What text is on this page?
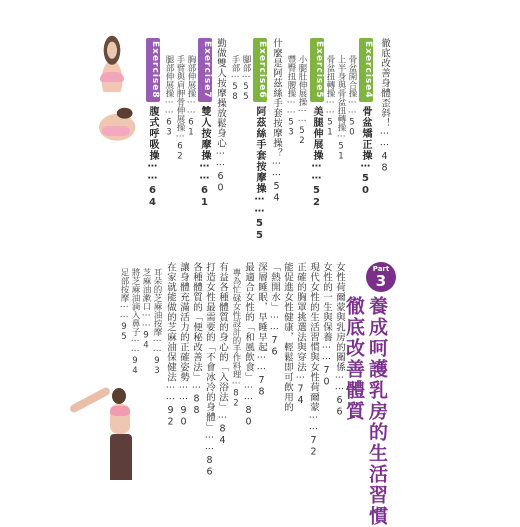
徹底改善身體歪斜！⋯⋯48
Exercise4
骨盆矯正操⋯50
骨盆開合操⋯⋯50
上半身與骨盆扭轉操⋯51
骨盆扭轉操⋯⋯51
Exercise5
美腿伸展操⋯⋯52
小腿肚伸展操⋯⋯52
豐臀扭腰操⋯⋯53
什麼是阿茲絲手套按摩操？⋯⋯54
Exercise6
阿茲絲手套按摩操⋯⋯55
腳部⋯55
手部⋯58
勤做雙人按摩操放鬆身心⋯⋯60
Exercise7
雙人按摩操⋯⋯61
胸部伸展操⋯⋯61
手臂與肩胛骨伸展操⋯62
腿部伸展操⋯⋯63
Exercise8
腹式呼吸操⋯⋯64
Part
3
養成呵護乳房的生活習慣
徹底改善體質
女性荷爾蒙與乳房的關係⋯⋯66
女性的一生與保養⋯⋯70
現代女性的生活習慣與女性荷爾蒙⋯⋯72
正確的胸罩挑選法與穿法⋯74
能促進女性健康，輕鬆即可飲用的
「熱開水」⋯⋯76
深層睡眠，早睡早起⋯⋯78
最適合女性的「和風飲食」⋯⋯80
專為忙碌女性設計的手作料理⋯82
有益各種體質的身心的「入浴法」⋯84
打造女性最需要的「不會冰冷的身體」⋯⋯86
各種體質的「便秘改善法」⋯88
讓身體充滿活力的正確姿勢⋯⋯90
在家就能做的芝麻油保健法⋯⋯92
耳朵的芝麻油按摩⋯⋯93
芝麻油漱口⋯⋯94
將芝麻油滴入鼻子⋯⋯94
足部按摩⋯⋯95
